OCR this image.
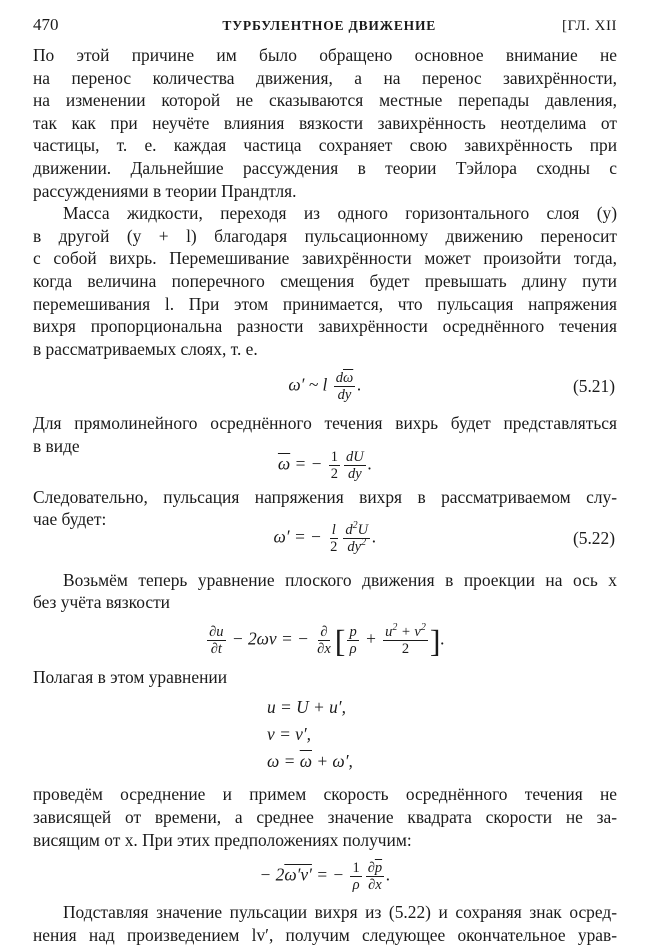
470	ТУРБУЛЕНТНОЕ ДВИЖЕНИЕ	[ГЛ. XII

По этой причине им было обращено основное внимание не
на перенос количества движения, а на перенос завихрённости,
на изменении которой не сказываются местные перепады давления,
так как при неучёте влияния вязкости завихрённость неотделима от
частицы, т. е. каждая частица сохраняет свою завихрённость при
движении. Дальнейшие рассуждения в теории Тэйлора сходны с
рассуждениями в теории Прандтля.

Масса жидкости, переходя из одного горизонтального слоя (y)
в другой (y + l) благодаря пульсационному движению переносит
с собой вихрь. Перемешивание завихрённости может произойти тогда,
когда величина поперечного смещения будет превышать длину пути
перемешивания l. При этом принимается, что пульсация напряжения
вихря пропорциональна разности завихрённости осреднённого течения
в рассматриваемых слоях, т. е.

ω′ ~ l $\frac{d\overline{\omega}}{dy}$ .	(5.21)

Для прямолинейного осреднённого течения вихрь будет представляться
в виде

$\overline{\omega}$ = − $\frac{1}{2} \frac{dU}{dy}$ .

Следовательно, пульсация напряжения вихря в рассматриваемом слу-
чае будет:

ω′ = − $\frac{l}{2} \frac{d^2U}{dy^2}$ .	(5.22)

Возьмём теперь уравнение плоского движения в проекции на ось x
без учёта вязкости

$\frac{\partial u}{\partial t} - 2\omega v$ = − $\frac{\partial}{\partial x}$ [ $\frac{p}{\rho} + \frac{u^2 + v^2}{2}$ ].

Полагая в этом уравнении

u = U + u′,
v = v′,
$\omega = \overline{\omega} + \omega'$,

проведём осреднение и примем скорость осреднённого течения не
зависящей от времени, а среднее значение квадрата скорости не за-
висящим от x. При этих предположениях получим:

− 2ω′v′ = − $\frac{1}{\rho} \frac{\partial\overline{p}}{\partial x}$ .

Подставляя значение пульсации вихря из (5.22) и сохраняя знак осред-
нения над произведением lv′, получим следующее окончательное урав-
